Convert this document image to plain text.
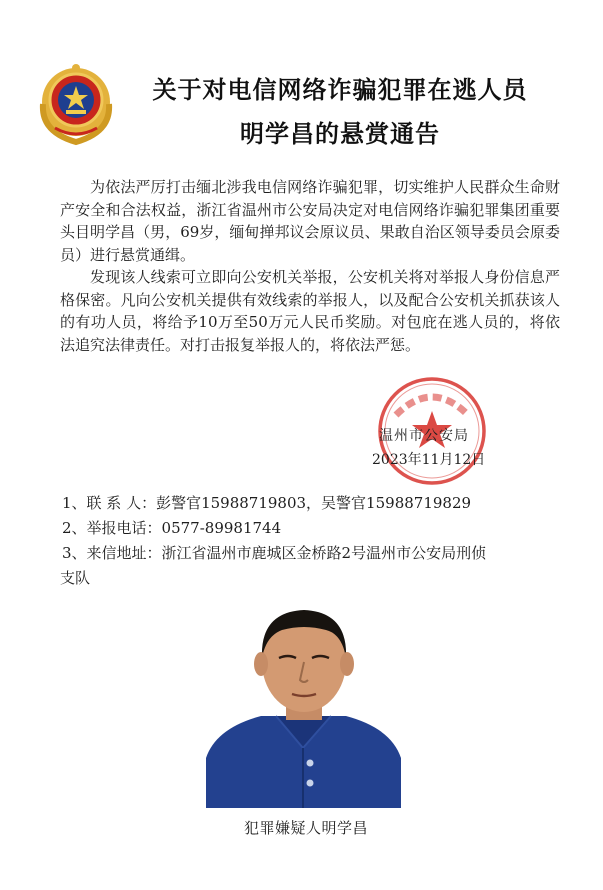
关于对电信网络诈骗犯罪在逃人员
明学昌的悬赏通告
为依法严厉打击缅北涉我电信网络诈骗犯罪，切实维护人民群众生命财产安全和合法权益，浙江省温州市公安局决定对电信网络诈骗犯罪集团重要头目明学昌（男，69岁，缅甸掸邦议会原议员、果敢自治区领导委员会原委员）进行悬赏通缉。
发现该人线索可立即向公安机关举报，公安机关将对举报人身份信息严格保密。凡向公安机关提供有效线索的举报人，以及配合公安机关抓获该人的有功人员，将给予10万至50万元人民币奖励。对包庇在逃人员的，将依法追究法律责任。对打击报复举报人的，将依法严惩。
温州市公安局
2023年11月12日
1、联 系 人：彭警官15988719803，吴警官15988719829
2、举报电话：0577-89981744
3、来信地址：浙江省温州市鹿城区金桥路2号温州市公安局刑侦
支队
犯罪嫌疑人明学昌
